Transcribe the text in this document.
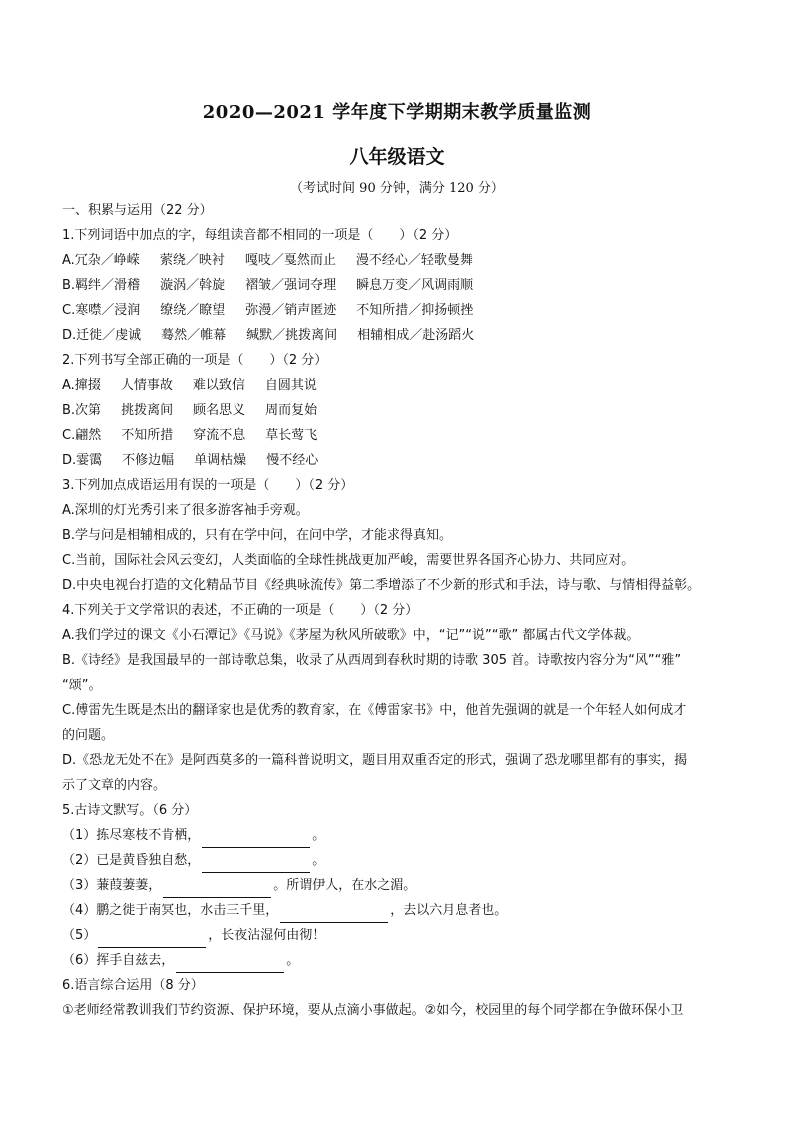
2020—2021 学年度下学期期末教学质量监测
八年级语文
（考试时间 90 分钟，满分 120 分）
一、积累与运用（22 分）
1.下列词语中加点的字，每组读音都不相同的一项是（　　）（2 分）
A.冗杂／峥嵘 萦绕／映衬 嘎吱／戛然而止 漫不经心／轻歌曼舞
B.羁绊／滑稽 漩涡／斡旋 褶皱／强词夺理 瞬息万变／风调雨顺
C.寒噤／浸润 缭绕／瞭望 弥漫／销声匿迹 不知所措／抑扬顿挫
D.迁徙／虔诚 蓦然／帷幕 缄默／挑拨离间 相辅相成／赴汤蹈火
2.下列书写全部正确的一项是（　　）（2 分）
A.撺掇 人情事故 难以致信 自圆其说
B.次第 挑拨离间 顾名思义 周而复始
C.翩然 不知所措 穿流不息 草长莺飞
D.霎霭 不修边幅 单调枯燥 慢不经心
3.下列加点成语运用有误的一项是（　　）（2 分）
A.深圳的灯光秀引来了很多游客袖手旁观。
B.学与问是相辅相成的，只有在学中问，在问中学，才能求得真知。
C.当前，国际社会风云变幻，人类面临的全球性挑战更加严峻，需要世界各国齐心协力、共同应对。
D.中央电视台打造的文化精品节目《经典咏流传》第二季增添了不少新的形式和手法，诗与歌、与情相得益彰。
4.下列关于文学常识的表述，不正确的一项是（　　）（2 分）
A.我们学过的课文《小石潭记》《马说》《茅屋为秋风所破歌》中，“记”“说”“歌” 都属古代文学体裁。
B.《诗经》是我国最早的一部诗歌总集，收录了从西周到春秋时期的诗歌 305 首。诗歌按内容分为“风”“雅”
“颂”。
C.傅雷先生既是杰出的翻译家也是优秀的教育家，在《傅雷家书》中，他首先强调的就是一个年轻人如何成才
的问题。
D.《恐龙无处不在》是阿西莫多的一篇科普说明文，题目用双重否定的形式，强调了恐龙哪里都有的事实，揭
示了文章的内容。
5.古诗文默写。（6 分）
（1）拣尽寒枝不肯栖，	。
（2）已是黄昏独自愁，	。
（3）蒹葭萋萋，	。所谓伊人，在水之湄。
（4）鹏之徙于南冥也，水击三千里，	，去以六月息者也。
（5）	，长夜沾湿何由彻！
（6）挥手自兹去，	。
6.语言综合运用（8 分）
①老师经常教训我们节约资源、保护环境，要从点滴小事做起。②如今，校园里的每个同学都在争做环保小卫
